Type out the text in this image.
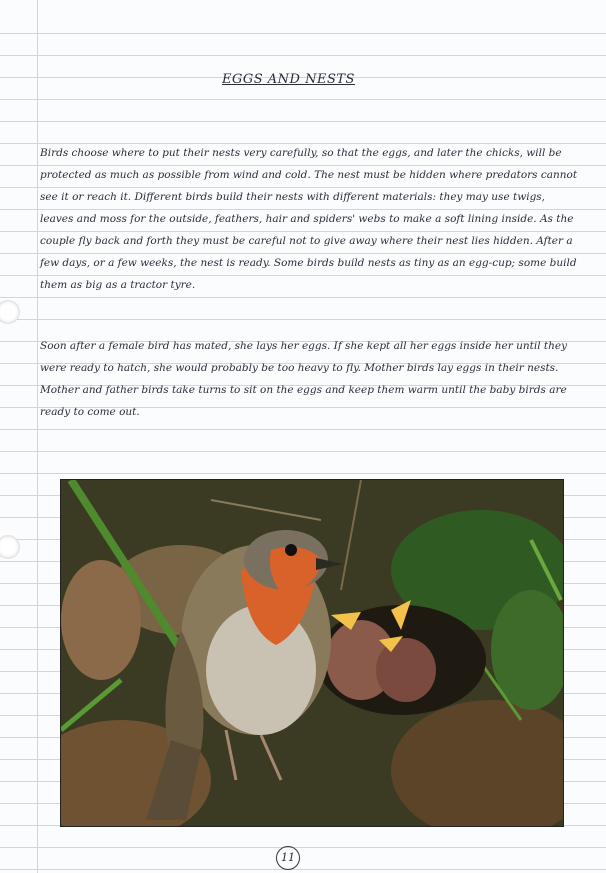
EGGS AND NESTS

Birds choose where to put their nests very carefully, so that the eggs, and later the chicks, will be protected as much as possible from wind and cold. The nest must be hidden where predators cannot see it or reach it. Different birds build their nests with different materials: they may use twigs, leaves and moss for the outside, feathers, hair and spiders' webs to make a soft lining inside. As the couple fly back and forth they must be careful not to give away where their nest lies hidden. After a few days, or a few weeks, the nest is ready. Some birds build nests as tiny as an egg-cup; some build them as big as a tractor tyre.

Soon after a female bird has mated, she lays her eggs. If she kept all her eggs inside her until they were ready to hatch, she would probably be too heavy to fly. Mother birds lay eggs in their nests. Mother and father birds take turns to sit on the eggs and keep them warm until the baby birds are ready to come out.

11
